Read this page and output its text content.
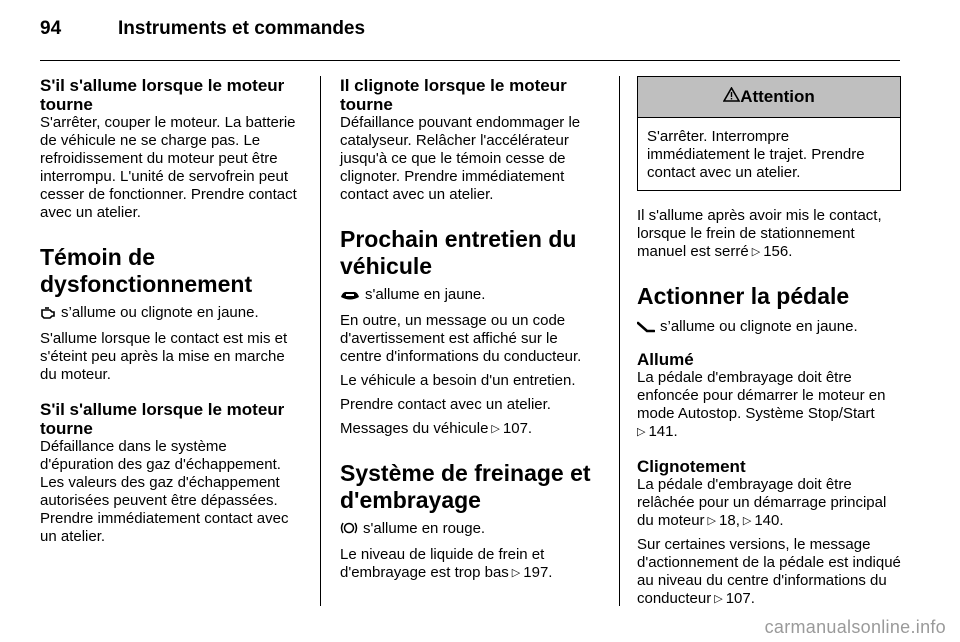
94	Instruments et commandes
S'il s'allume lorsque le moteur tourne

S'arrêter, couper le moteur. La batterie de véhicule ne se charge pas. Le refroidissement du moteur peut être interrompu. L'unité de servofrein peut cesser de fonctionner. Prendre contact avec un atelier.

Témoin de dysfonctionnement

s’allume ou clignote en jaune.

S'allume lorsque le contact est mis et s'éteint peu après la mise en marche du moteur.

S'il s'allume lorsque le moteur tourne

Défaillance dans le système d'épuration des gaz d'échappement. Les valeurs des gaz d'échappement autorisées peuvent être dépassées. Prendre immédiatement contact avec un atelier.

Il clignote lorsque le moteur tourne

Défaillance pouvant endommager le catalyseur. Relâcher l'accélérateur jusqu'à ce que le témoin cesse de clignoter. Prendre immédiatement contact avec un atelier.

Prochain entretien du véhicule

s'allume en jaune.

En outre, un message ou un code d'avertissement est affiché sur le centre d'informations du conducteur.

Le véhicule a besoin d'un entretien.

Prendre contact avec un atelier.

Messages du véhicule ▷ 107.

Système de freinage et d'embrayage

s'allume en rouge.

Le niveau de liquide de frein et d'embrayage est trop bas ▷ 197.

Attention

S'arrêter. Interrompre immédiatement le trajet. Prendre contact avec un atelier.

Il s'allume après avoir mis le contact, lorsque le frein de stationnement manuel est serré ▷ 156.

Actionner la pédale

s’allume ou clignote en jaune.

Allumé

La pédale d'embrayage doit être enfoncée pour démarrer le moteur en mode Autostop. Système Stop/Start
▷ 141.

Clignotement

La pédale d'embrayage doit être relâchée pour un démarrage principal du moteur ▷ 18, ▷ 140.

Sur certaines versions, le message d'actionnement de la pédale est indiqué au niveau du centre d'informations du conducteur ▷ 107.

carmanualsonline.info
